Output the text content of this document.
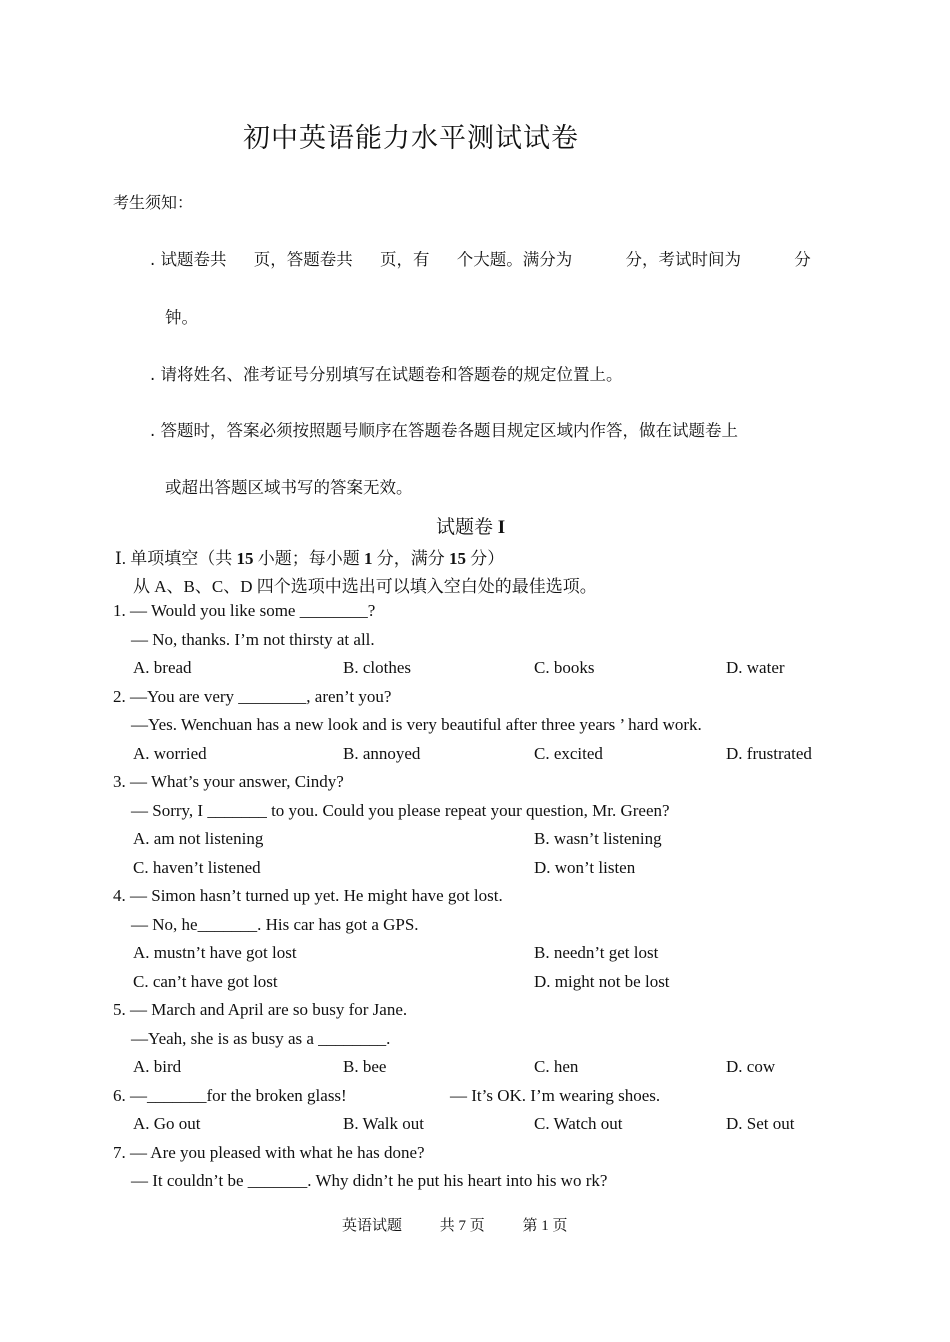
初中英语能力水平测试试卷
考生须知：
. 试题卷共 页，答题卷共 页，有 个大题。满分为	分，考试时间为	分
钟。
. 请将姓名、准考证号分别填写在试题卷和答题卷的规定位置上。
. 答题时，答案必须按照题号顺序在答题卷各题目规定区域内作答，做在试题卷上
或超出答题区域书写的答案无效。
试题卷 I
Ⅰ. 单项填空（共 15 小题；每小题 1 分，满分 15 分）
从 A、B、C、D 四个选项中选出可以填入空白处的最佳选项。
1. — Would you like some ________?
— No, thanks. I’m not thirsty at all.
A. bread	B. clothes	C. books	D. water
2. —You are very ________, aren’t you?
—Yes. Wenchuan has a new look and is very beautiful after three years ’ hard work.
A. worried	B. annoyed	C. excited	D. frustrated
3. — What’s your answer, Cindy?
— Sorry, I _______ to you. Could you please repeat your question, Mr. Green?
A. am not listening	B. wasn’t listening
C. haven’t listened	D. won’t listen
4. — Simon hasn’t turned up yet. He might have got lost.
— No, he_______. His car has got a GPS.
A. mustn’t have got lost	B. needn’t get lost
C. can’t have got lost	D. might not be lost
5. — March and April are so busy for Jane.
—Yeah, she is as busy as a ________.
A. bird	B. bee	C. hen	D. cow
6. —_______for the broken glass!	— It’s OK. I’m wearing shoes.
A. Go out	B. Walk out	C. Watch out	D. Set out
7. — Are you pleased with what he has done?
— It couldn’t be _______. Why didn’t he put his heart into his wo rk?
英语试题	共 7 页	第 1 页
